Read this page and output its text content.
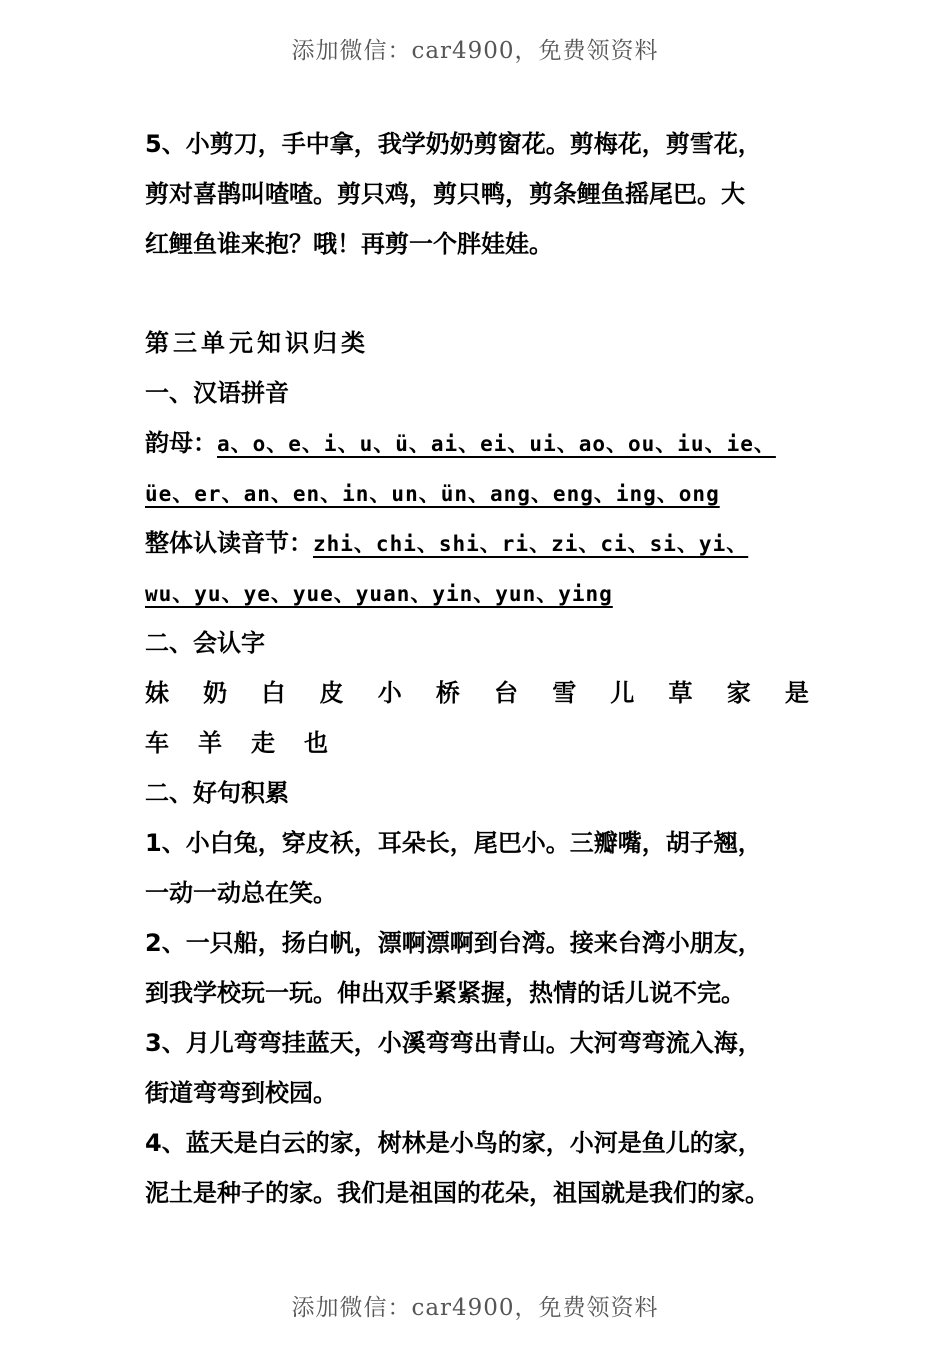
添加微信：car4900，免费领资料
5、小剪刀，手中拿，我学奶奶剪窗花。剪梅花，剪雪花，
剪对喜鹊叫喳喳。剪只鸡，剪只鸭，剪条鲤鱼摇尾巴。大
红鲤鱼谁来抱？哦！再剪一个胖娃娃。
第三单元知识归类
一、汉语拼音
韵母：a、o、e、i、u、ü、ai、ei、ui、ao、ou、iu、ie、
üe、er、an、en、in、un、ün、ang、eng、ing、ong
整体认读音节：zhi、chi、shi、ri、zi、ci、si、yi、
wu、yu、ye、yue、yuan、yin、yun、ying
二、会认字
妹 奶 白 皮 小 桥 台 雪 儿 草 家 是
车 羊 走 也
二、好句积累
1、小白兔，穿皮袄，耳朵长，尾巴小。三瓣嘴，胡子翘，
一动一动总在笑。
2、一只船，扬白帆，漂啊漂啊到台湾。接来台湾小朋友，
到我学校玩一玩。伸出双手紧紧握，热情的话儿说不完。
3、月儿弯弯挂蓝天，小溪弯弯出青山。大河弯弯流入海，
街道弯弯到校园。
4、蓝天是白云的家，树林是小鸟的家，小河是鱼儿的家，
泥土是种子的家。我们是祖国的花朵，祖国就是我们的家。
添加微信：car4900，免费领资料
